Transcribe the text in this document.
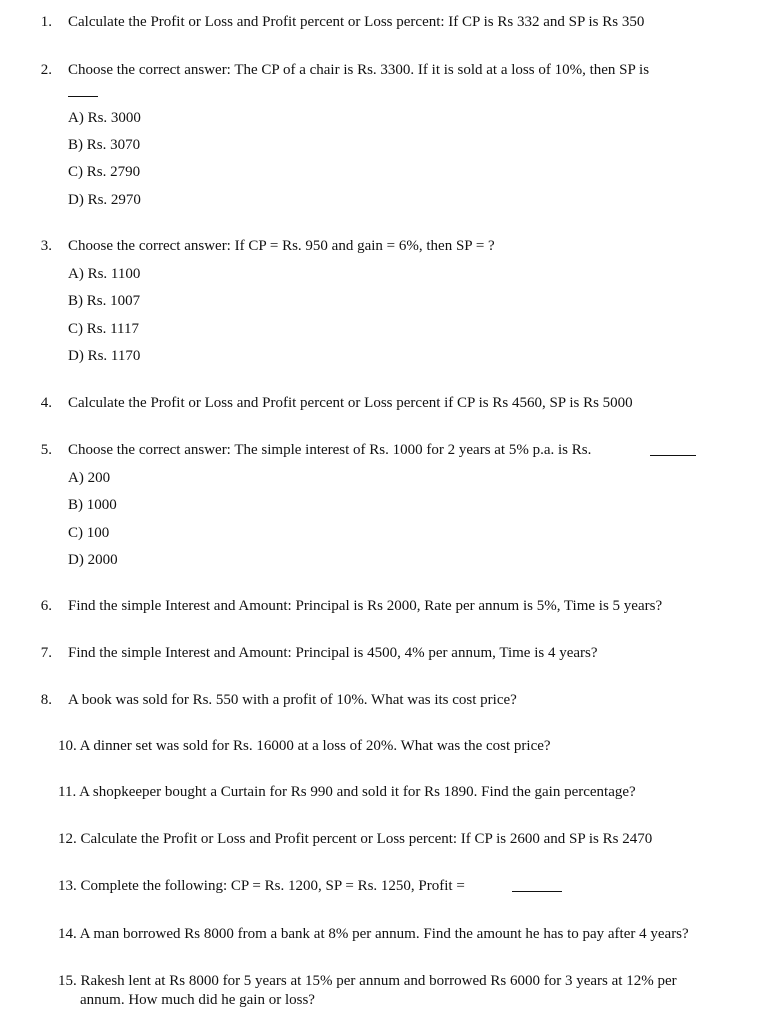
1. Calculate the Profit or Loss and Profit percent or Loss percent: If CP is Rs 332 and SP is Rs 350
2. Choose the correct answer: The CP of a chair is Rs. 3300. If it is sold at a loss of 10%, then SP is
A) Rs. 3000
B) Rs. 3070
C) Rs. 2790
D) Rs. 2970
3. Choose the correct answer: If CP = Rs. 950 and gain = 6%, then SP = ?
A) Rs. 1100
B) Rs. 1007
C) Rs. 1117
D) Rs. 1170
4. Calculate the Profit or Loss and Profit percent or Loss percent if CP is Rs 4560, SP is Rs 5000
5. Choose the correct answer: The simple interest of Rs. 1000 for 2 years at 5% p.a. is Rs.
A) 200
B) 1000
C) 100
D) 2000
6. Find the simple Interest and Amount: Principal is Rs 2000, Rate per annum is 5%, Time is 5 years?
7. Find the simple Interest and Amount: Principal is 4500, 4% per annum, Time is 4 years?
8. A book was sold for Rs. 550 with a profit of 10%. What was its cost price?
10. A dinner set was sold for Rs. 16000 at a loss of 20%. What was the cost price?
11. A shopkeeper bought a Curtain for Rs 990 and sold it for Rs 1890. Find the gain percentage?
12. Calculate the Profit or Loss and Profit percent or Loss percent: If CP is 2600 and SP is Rs 2470
13. Complete the following: CP = Rs. 1200, SP = Rs. 1250, Profit =
14. A man borrowed Rs 8000 from a bank at 8% per annum. Find the amount he has to pay after 4 years?
15. Rakesh lent at Rs 8000 for 5 years at 15% per annum and borrowed Rs 6000 for 3 years at 12% per
annum. How much did he gain or loss?
